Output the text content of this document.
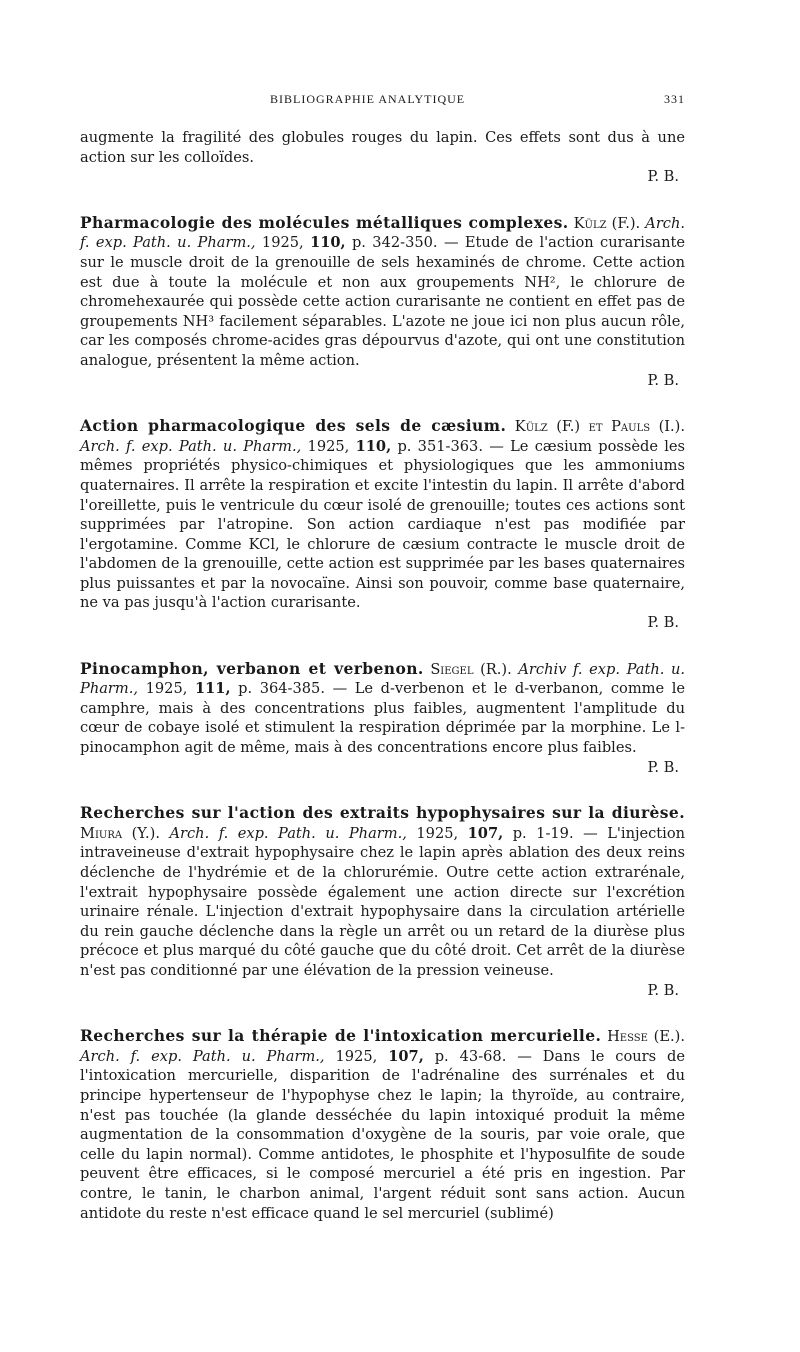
BIBLIOGRAPHIE ANALYTIQUE	331

augmente la fragilité des globules rouges du lapin. Ces effets sont dus à une action sur les colloïdes.
P. B.

Pharmacologie des molécules métalliques complexes. Külz (F.). Arch. f. exp. Path. u. Pharm., 1925, 110, p. 342-350. — Etude de l'action curarisante sur le muscle droit de la grenouille de sels hexaminés de chrome. Cette action est due à toute la molécule et non aux groupements NH², le chlorure de chromehexaurée qui possède cette action curarisante ne contient en effet pas de groupements NH³ facilement séparables. L'azote ne joue ici non plus aucun rôle, car les composés chrome-acides gras dépourvus d'azote, qui ont une constitution analogue, présentent la même action.
P. B.

Action pharmacologique des sels de cæsium. Külz (F.) et Pauls (I.). Arch. f. exp. Path. u. Pharm., 1925, 110, p. 351-363. — Le cæsium possède les mêmes propriétés physico-chimiques et physiologiques que les ammoniums quaternaires. Il arrête la respiration et excite l'intestin du lapin. Il arrête d'abord l'oreillette, puis le ventricule du cœur isolé de grenouille; toutes ces actions sont supprimées par l'atropine. Son action cardiaque n'est pas modifiée par l'ergotamine. Comme KCl, le chlorure de cæsium contracte le muscle droit de l'abdomen de la grenouille, cette action est supprimée par les bases quaternaires plus puissantes et par la novocaïne. Ainsi son pouvoir, comme base quaternaire, ne va pas jusqu'à l'action curarisante.
P. B.

Pinocamphon, verbanon et verbenon. Siegel (R.). Archiv f. exp. Path. u. Pharm., 1925, 111, p. 364-385. — Le d-verbenon et le d-verbanon, comme le camphre, mais à des concentrations plus faibles, augmentent l'amplitude du cœur de cobaye isolé et stimulent la respiration déprimée par la morphine. Le l-pinocamphon agit de même, mais à des concentrations encore plus faibles.
P. B.

Recherches sur l'action des extraits hypophysaires sur la diurèse. Miura (Y.). Arch. f. exp. Path. u. Pharm., 1925, 107, p. 1-19. — L'injection intraveineuse d'extrait hypophysaire chez le lapin après ablation des deux reins déclenche de l'hydrémie et de la chlorurémie. Outre cette action extrarénale, l'extrait hypophysaire possède également une action directe sur l'excrétion urinaire rénale. L'injection d'extrait hypophysaire dans la circulation artérielle du rein gauche déclenche dans la règle un arrêt ou un retard de la diurèse plus précoce et plus marqué du côté gauche que du côté droit. Cet arrêt de la diurèse n'est pas conditionné par une élévation de la pression veineuse.
P. B.

Recherches sur la thérapie de l'intoxication mercurielle. Hesse (E.). Arch. f. exp. Path. u. Pharm., 1925, 107, p. 43-68. — Dans le cours de l'intoxication mercurielle, disparition de l'adrénaline des surrénales et du principe hypertenseur de l'hypophyse chez le lapin; la thyroïde, au contraire, n'est pas touchée (la glande desséchée du lapin intoxiqué produit la même augmentation de la consommation d'oxygène de la souris, par voie orale, que celle du lapin normal). Comme antidotes, le phosphite et l'hyposulfite de soude peuvent être efficaces, si le composé mercuriel a été pris en ingestion. Par contre, le tanin, le charbon animal, l'argent réduit sont sans action. Aucun antidote du reste n'est efficace quand le sel mercuriel (sublimé)
